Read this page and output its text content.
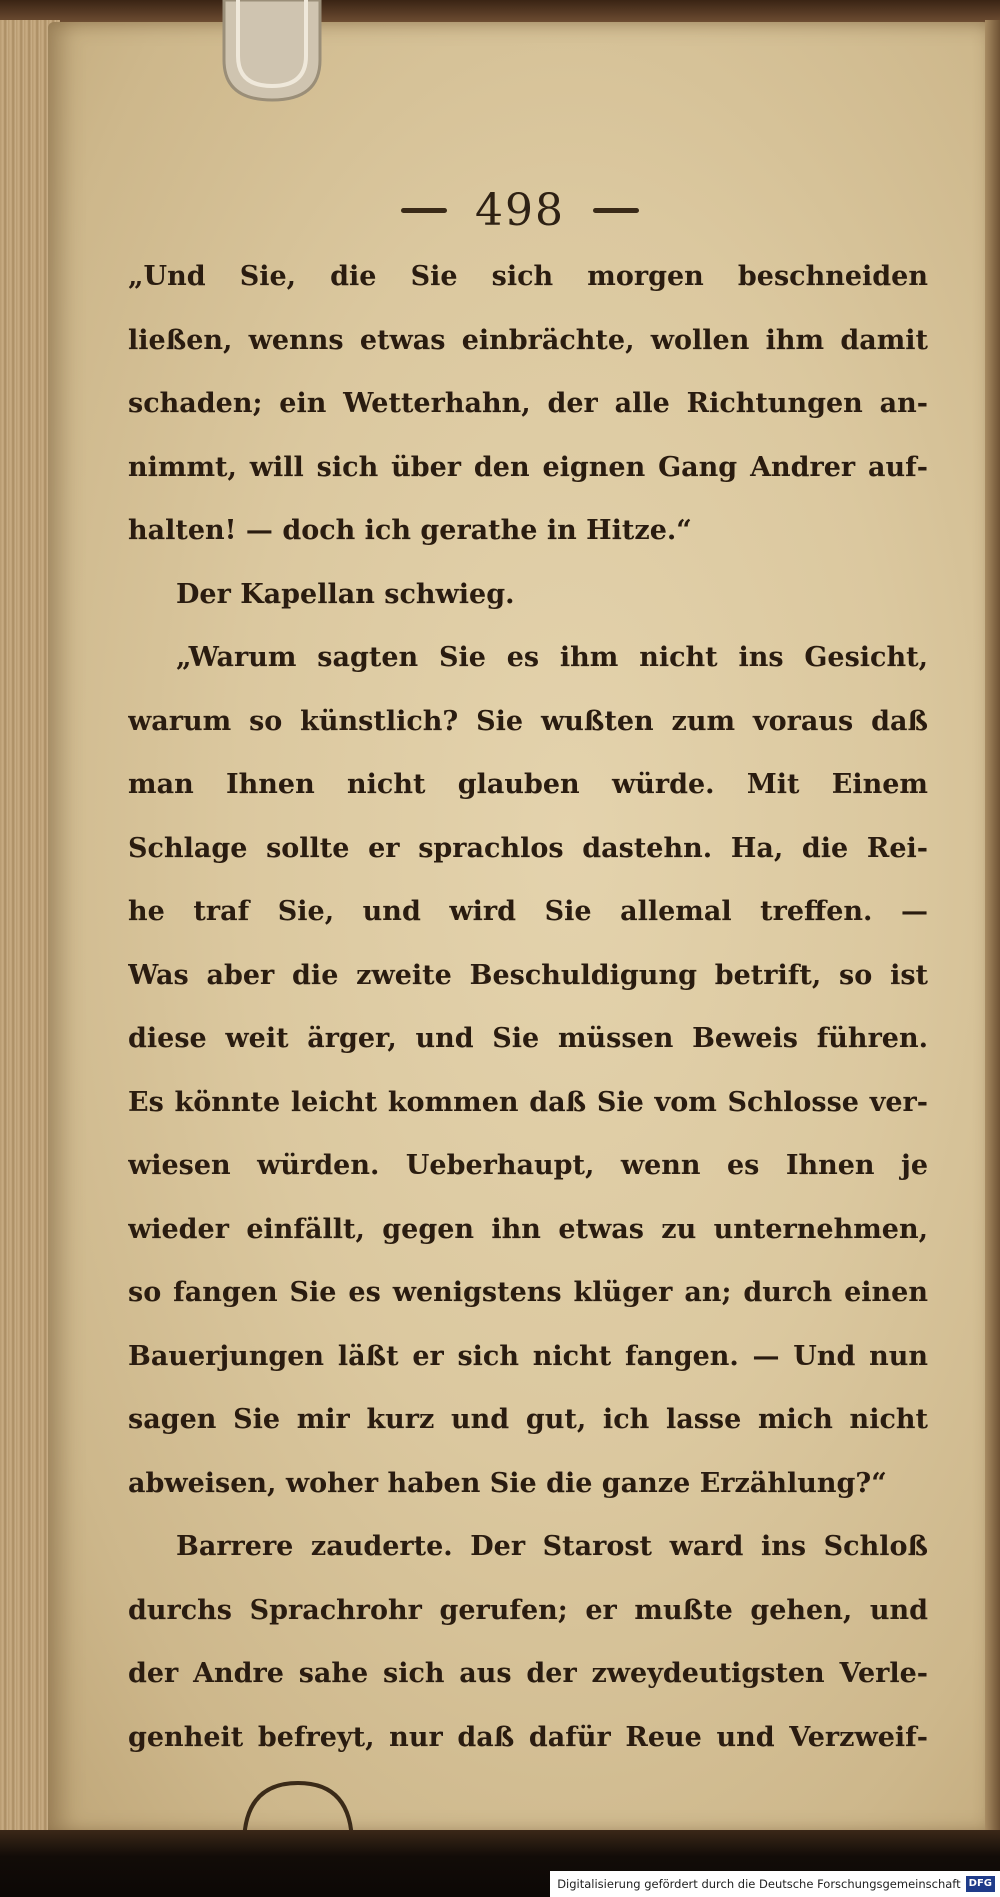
498
„Und Sie, die Sie sich morgen beschneiden
ließen, wenns etwas einbrächte, wollen ihm damit
schaden; ein Wetterhahn, der alle Richtungen an‐
nimmt, will sich über den eignen Gang Andrer auf‐
halten! — doch ich gerathe in Hitze.“
Der Kapellan schwieg.
„Warum sagten Sie es ihm nicht ins Gesicht,
warum so künstlich? Sie wußten zum voraus daß
man Ihnen nicht glauben würde. Mit Einem
Schlage sollte er sprachlos dastehn. Ha, die Rei‐
he traf Sie, und wird Sie allemal treffen. —
Was aber die zweite Beschuldigung betrift, so ist
diese weit ärger, und Sie müssen Beweis führen.
Es könnte leicht kommen daß Sie vom Schlosse ver‐
wiesen würden. Ueberhaupt, wenn es Ihnen je
wieder einfällt, gegen ihn etwas zu unternehmen,
so fangen Sie es wenigstens klüger an; durch einen
Bauerjungen läßt er sich nicht fangen. — Und nun
sagen Sie mir kurz und gut, ich lasse mich nicht
abweisen, woher haben Sie die ganze Erzählung?“
Barrere zauderte. Der Starost ward ins Schloß
durchs Sprachrohr gerufen; er mußte gehen, und
der Andre sahe sich aus der zweydeutigsten Verle‐
genheit befreyt, nur daß dafür Reue und Verzweif‐
Digitalisierung gefördert durch die Deutsche Forschungsgemeinschaft DFG
